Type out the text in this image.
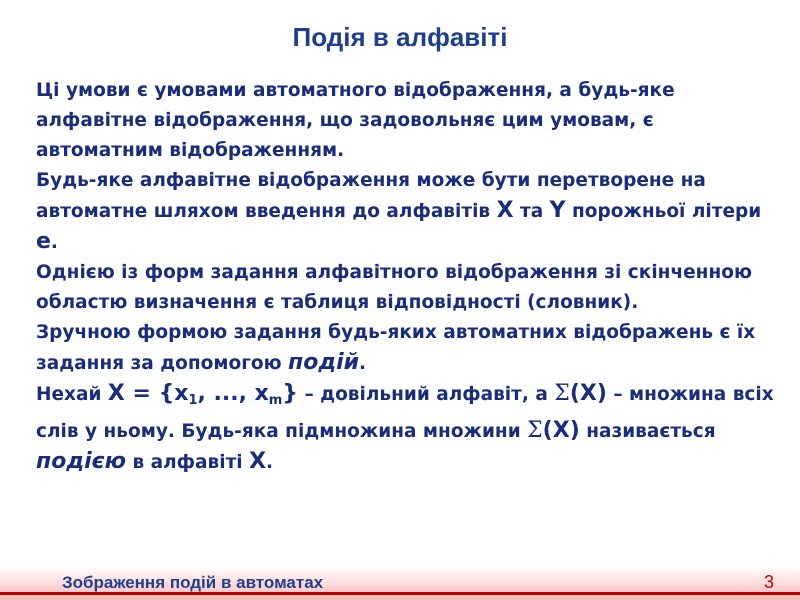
Подія в алфавіті

Ці умови є умовами автоматного відображення, а будь-яке алфавітне відображення, що задовольняє цим умовам, є автоматним відображенням.

Будь-яке алфавітне відображення може бути перетворене на автоматне шляхом введення до алфавітів X та Y порожньої літери e.

Однією із форм задання алфавітного відображення зі скінченною областю визначення є таблиця відповідності (словник).

Зручною формою задання будь-яких автоматних відображень є їх задання за допомогою подій.

Нехай $X = \{x_1$, ..., $x_m$} – довільний алфавіт, а Σ(X) – множина всіх слів у ньому. Будь-яка підмножина множини Σ(X) називається подією в алфавіті X.

Зображення подій в автоматах	3
